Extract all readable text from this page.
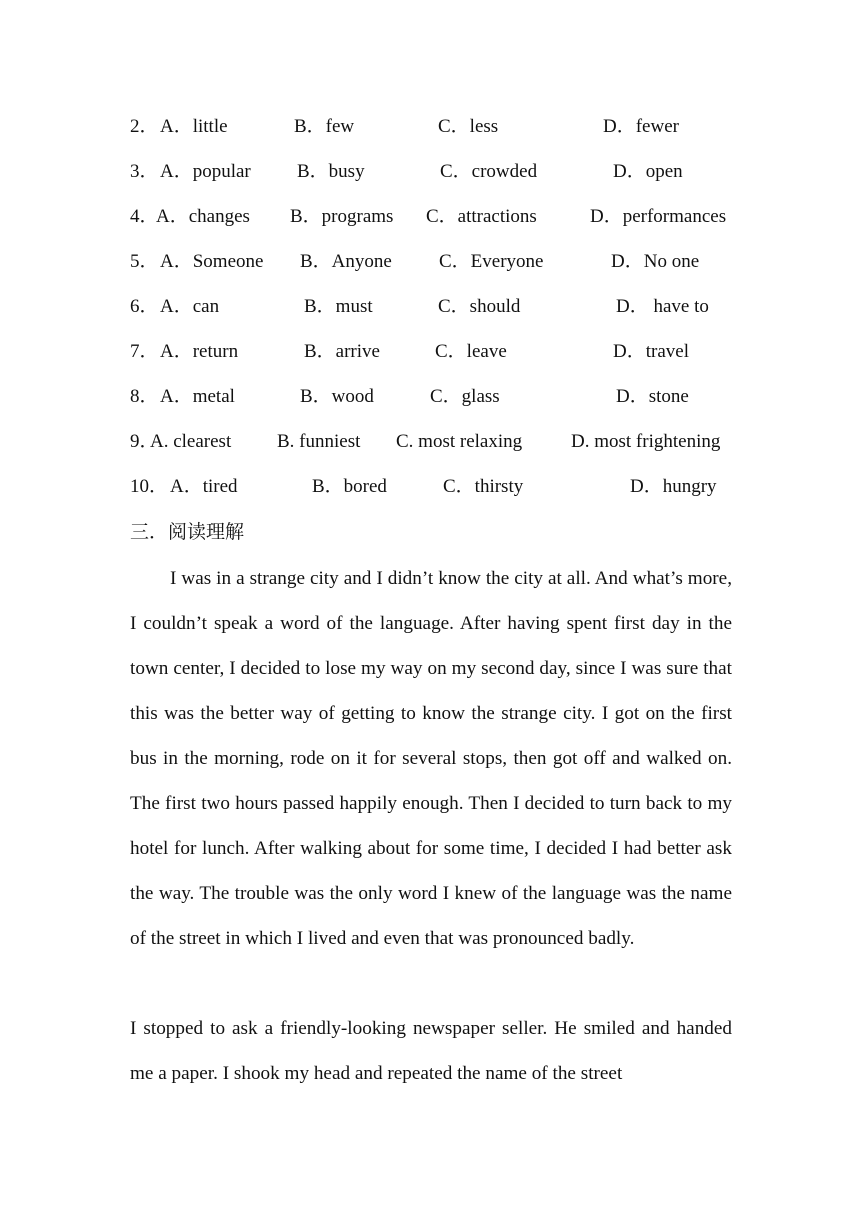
2． A．little	B．few	C．less	D．fewer
3． A．popular B．busy	C．crowded	D．open
4．
A．changes B．programs C．attractions	D．performances
5． A．Someone B．Anyone C．Everyone	D．No one
6． A．can	B．must	C．should	D． have to
7． A．return	B．arrive	C．leave	D．travel
8． A．metal	B．wood	C．glass	D．stone
9．
A. clearest B. funniest C. most relaxing	D. most frightening
10． A．tired	B．bored	C．thirsty	D．hungry
三．阅读理解

I was in a strange city and I didn’t know the city at all. And what’s more, I couldn’t speak a word of the language. After having spent first day in the town center, I decided to lose my way on my second day, since I was sure that this was the better way of getting to know the strange city. I got on the first bus in the morning, rode on it for several stops, then got off and walked on. The first two hours passed happily enough. Then I decided to turn back to my hotel for lunch. After walking about for some time, I decided I had better ask the way. The trouble was the only word I knew of the language was the name of the street in which I lived and even that was pronounced badly.

I stopped to ask a friendly-looking newspaper seller. He smiled and handed me a paper. I shook my head and repeated the name of the street
